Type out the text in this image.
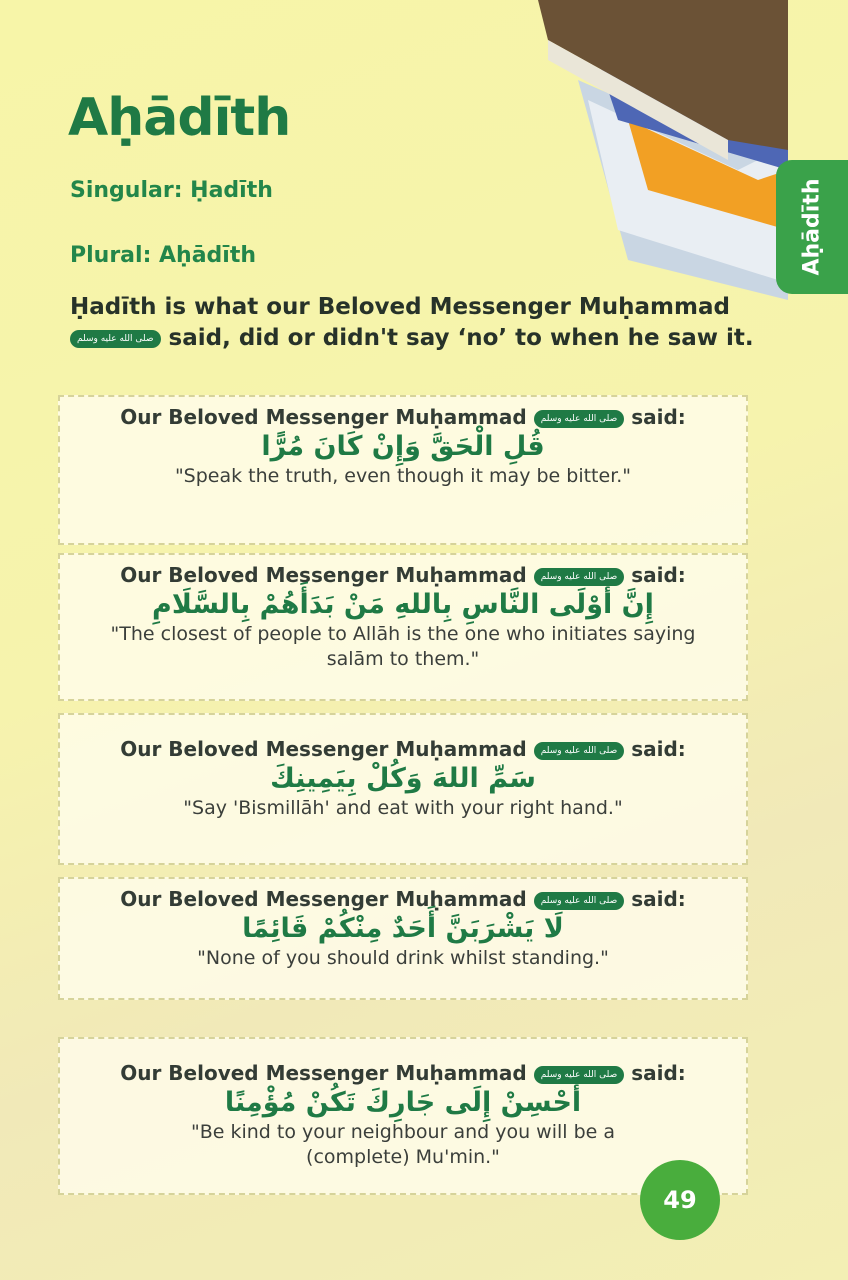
Aḥādīth
Singular: Ḥadīth
Plural: Aḥādīth
Ḥadīth is what our Beloved Messenger Muḥammad صلى الله عليه وسلم said, did or didn't say ‘no’ to when he saw it.
Aḥādīth
Our Beloved Messenger Muḥammad صلى الله عليه وسلم said:
قُلِ الْحَقَّ وَإِنْ كَانَ مُرًّا
"Speak the truth, even though it may be bitter."
Our Beloved Messenger Muḥammad صلى الله عليه وسلم said:
إِنَّ أَوْلَى النَّاسِ بِاللهِ مَنْ بَدَأَهُمْ بِالسَّلَامِ
"The closest of people to Allāh is the one who initiates saying salām to them."
Our Beloved Messenger Muḥammad صلى الله عليه وسلم said:
سَمِّ اللهَ وَكُلْ بِيَمِينِكَ
"Say 'Bismillāh' and eat with your right hand."
Our Beloved Messenger Muḥammad صلى الله عليه وسلم said:
لَا يَشْرَبَنَّ أَحَدٌ مِنْكُمْ قَائِمًا
"None of you should drink whilst standing."
Our Beloved Messenger Muḥammad صلى الله عليه وسلم said:
أَحْسِنْ إِلَى جَارِكَ تَكُنْ مُؤْمِنًا
"Be kind to your neighbour and you will be a (complete) Mu'min."
49
